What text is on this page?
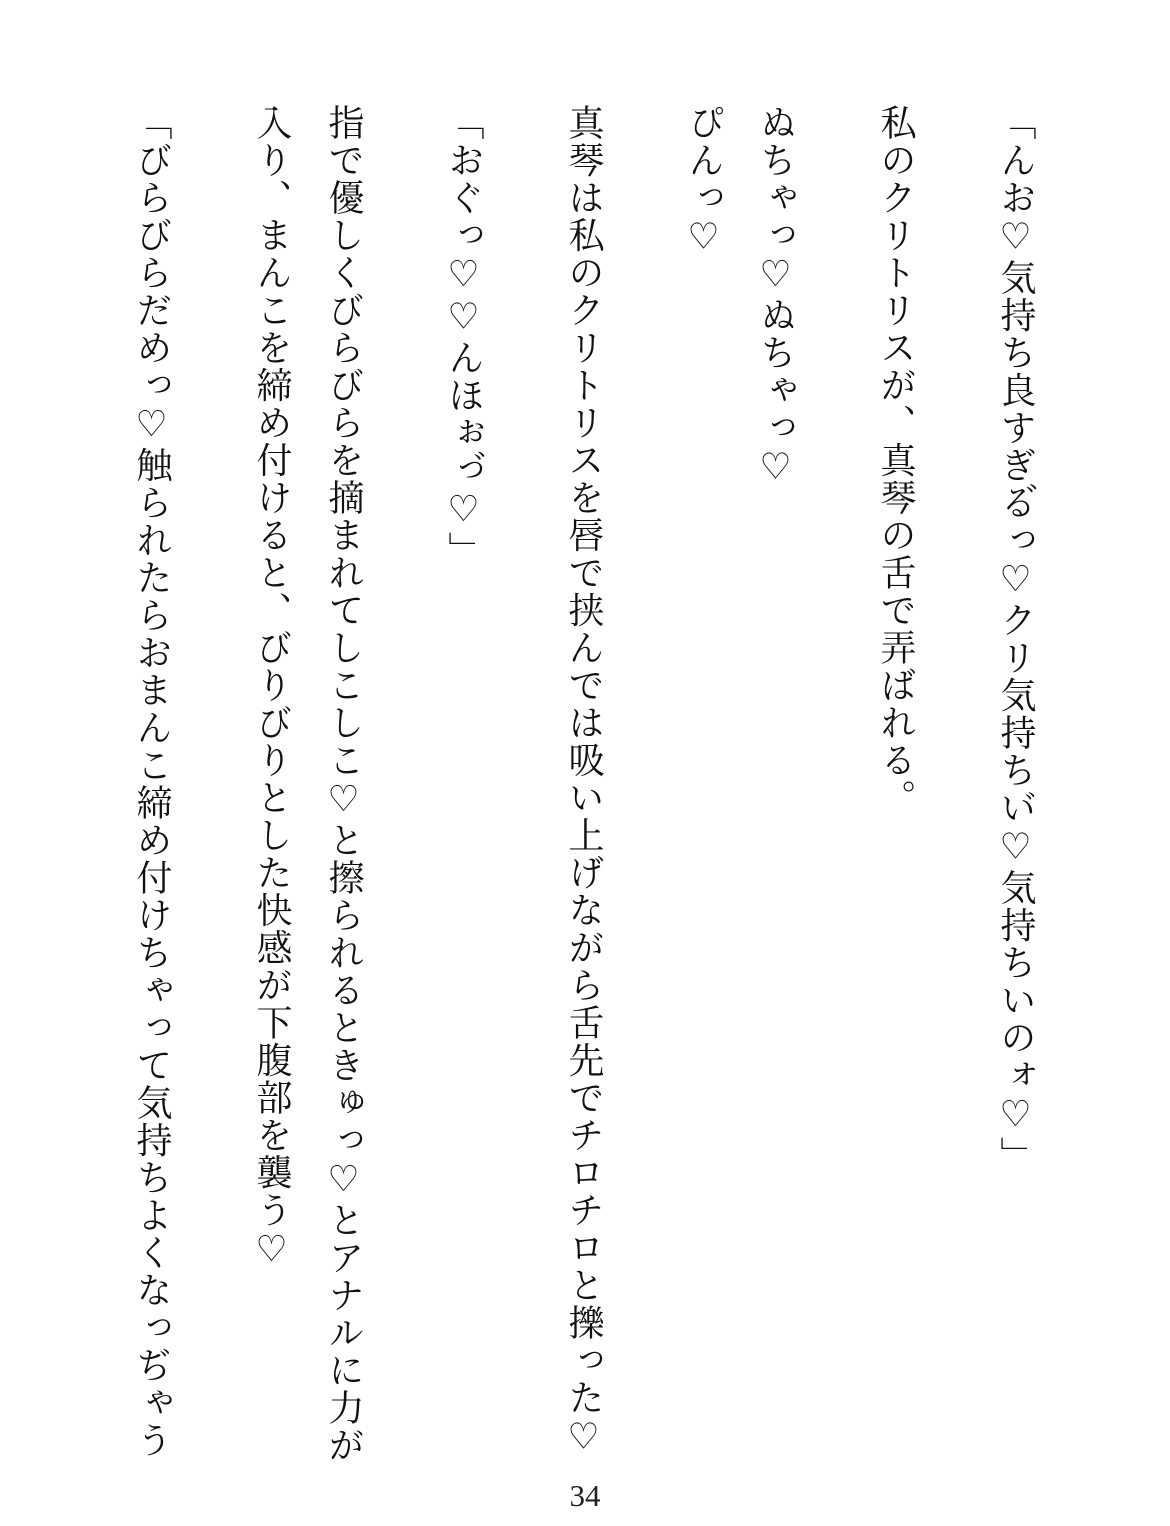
「んお♡気持ち良すぎる゙っ♡クリ気持ちい゙♡気持ちいのォ♡」

私のクリトリスが、真琴の舌で弄ばれる。

ぬちゃっ♡ぬちゃっ♡

ぴんっ♡

真琴は私のクリトリスを唇で挟んでは吸い上げながら舌先でチロチロと擽った♡

「おぐっ♡♡んほぉっ゙♡」

指で優しくびらびらを摘まれてしこしこ♡と擦られるときゅっ♡とアナルに力が入り、まんこを締め付けると、びりびりとした快感が下腹部を襲う♡

「びらびらだめっ♡触られたらおまんこ締め付けちゃって気持ちよくなっぢゃう

34
